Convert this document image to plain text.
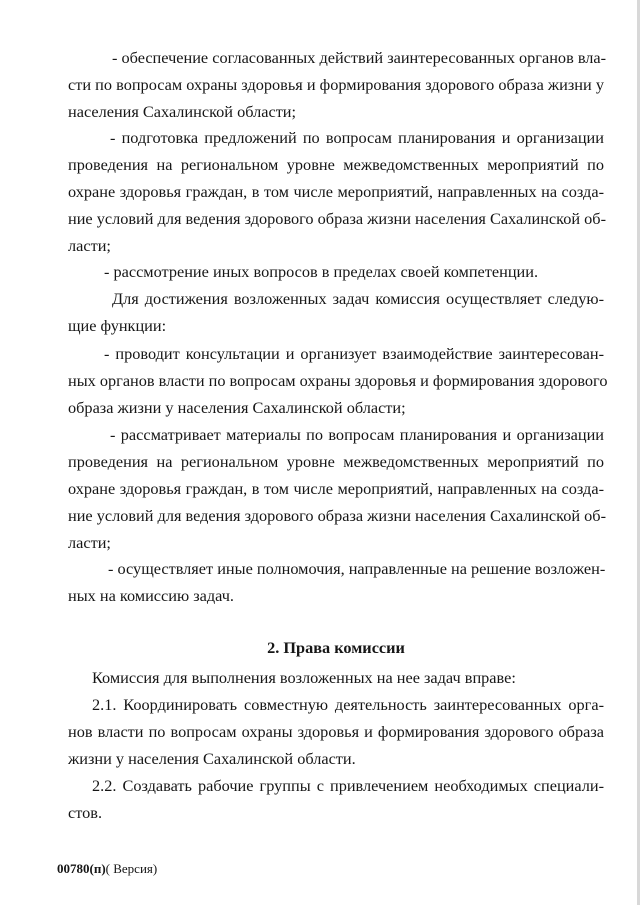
- обеспечение согласованных действий заинтересованных органов вла-
сти по вопросам охраны здоровья и формирования здорового образа жизни у
населения Сахалинской области;
- подготовка предложений по вопросам планирования и организации
проведения на региональном уровне межведомственных мероприятий по
охране здоровья граждан, в том числе мероприятий, направленных на созда-
ние условий для ведения здорового образа жизни населения Сахалинской об-
ласти;
- рассмотрение иных вопросов в пределах своей компетенции.
Для достижения возложенных задач комиссия осуществляет следую-
щие функции:
- проводит консультации и организует взаимодействие заинтересован-
ных органов власти по вопросам охраны здоровья и формирования здорового
образа жизни у населения Сахалинской области;
- рассматривает материалы по вопросам планирования и организации
проведения на региональном уровне межведомственных мероприятий по
охране здоровья граждан, в том числе мероприятий, направленных на созда-
ние условий для ведения здорового образа жизни населения Сахалинской об-
ласти;
- осуществляет иные полномочия, направленные на решение возложен-
ных на комиссию задач.
2. Права комиссии
Комиссия для выполнения возложенных на нее задач вправе:
2.1. Координировать совместную деятельность заинтересованных орга-
нов власти по вопросам охраны здоровья и формирования здорового образа
жизни у населения Сахалинской области.
2.2. Создавать рабочие группы с привлечением необходимых специали-
стов.
00780(п)( Версия)
